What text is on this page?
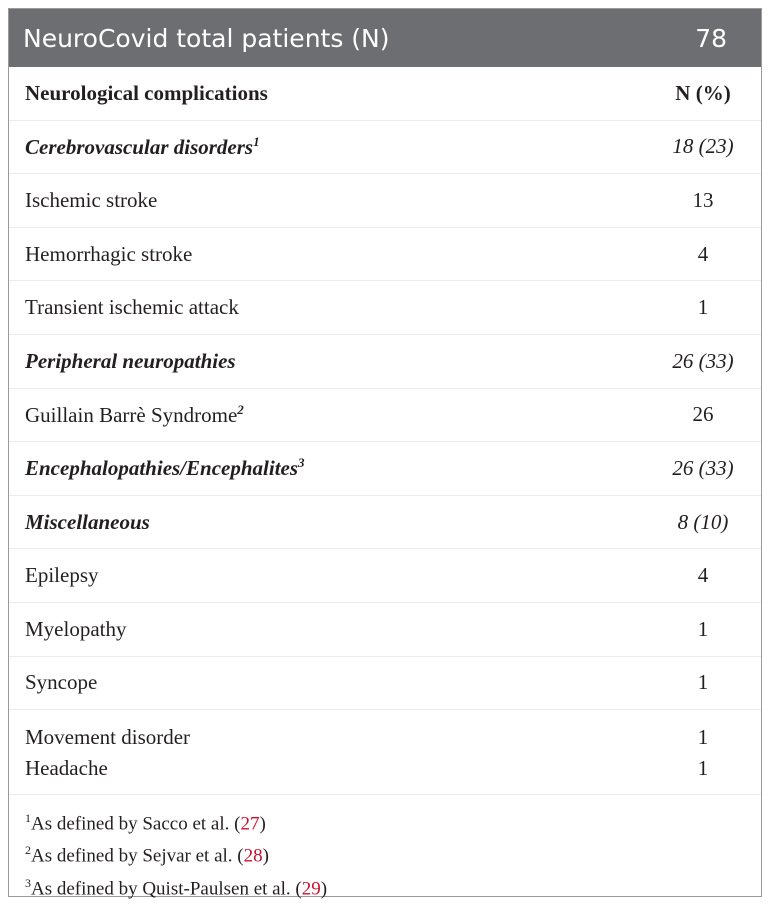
NeuroCovid total patients (N)	78
Neurological complications	N (%)
Cerebrovascular disorders$^1$	18 (23)
Ischemic stroke	13
Hemorrhagic stroke	4
Transient ischemic attack	1
Peripheral neuropathies	26 (33)
Guillain Barrè Syndrome$^2$	26
Encephalopathies/Encephalites$^3$	26 (33)
Miscellaneous	8 (10)
Epilepsy	4
Myelopathy	1
Syncope	1
Movement disorder	1
Headache	1
$^1$As defined by Sacco et al. (27)
$^2$As defined by Sejvar et al. (28)
$^3$As defined by Quist-Paulsen et al. (29)
